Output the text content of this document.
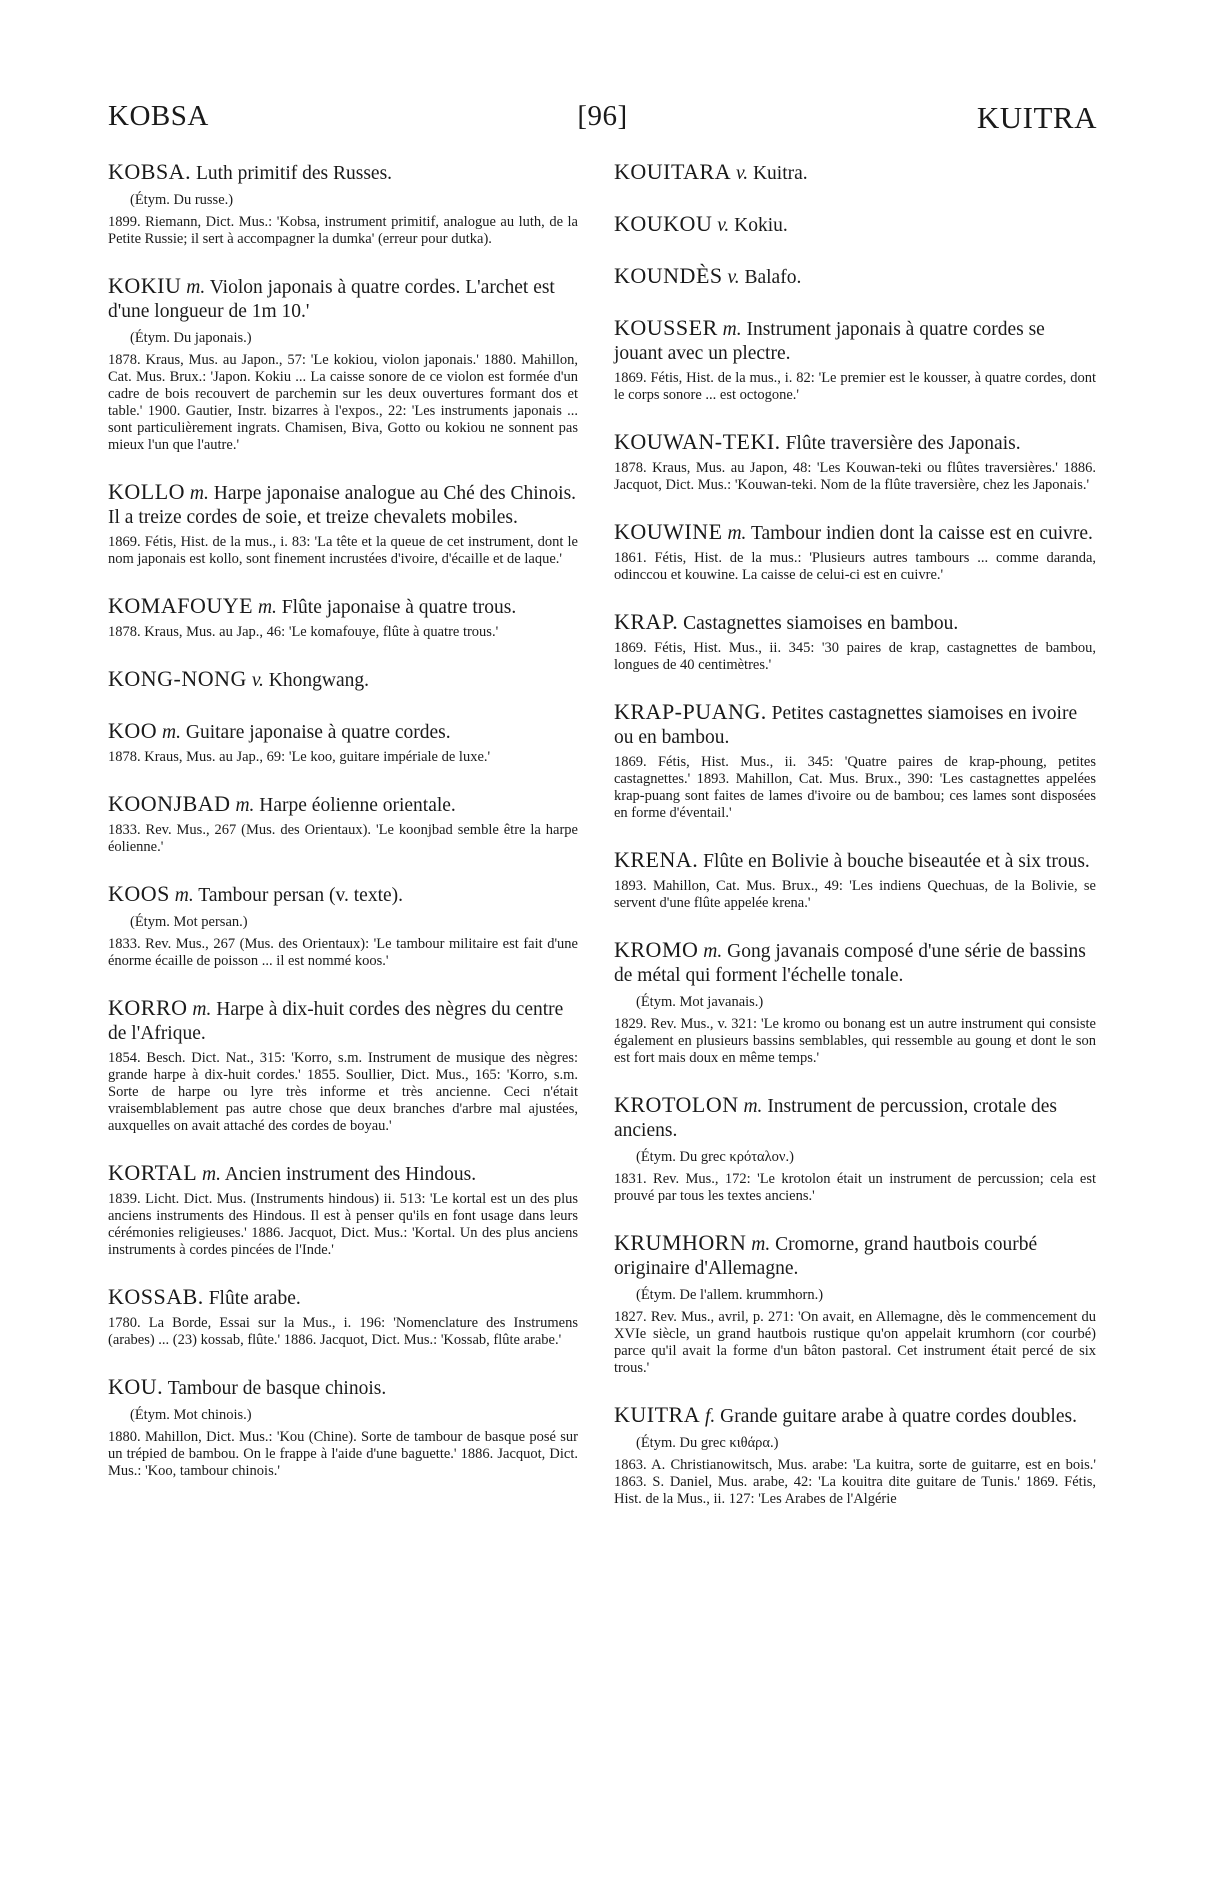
KOBSA	[96]	KUITRA

KOBSA. Luth primitif des Russes.

(Étym. Du russe.)

1899. Riemann, Dict. Mus.: 'Kobsa, instrument primitif, analogue au luth, de la Petite Russie; il sert à accompagner la dumka' (erreur pour dutka).

KOKIU m. Violon japonais à quatre cordes. L'archet est d'une longueur de 1m 10.'

(Étym. Du japonais.)

1878. Kraus, Mus. au Japon., 57: 'Le kokiou, violon japonais.' 1880. Mahillon, Cat. Mus. Brux.: 'Japon. Kokiu ... La caisse sonore de ce violon est formée d'un cadre de bois recouvert de parchemin sur les deux ouvertures formant dos et table.' 1900. Gautier, Instr. bizarres à l'expos., 22: 'Les instruments japonais ... sont particulièrement ingrats. Chamisen, Biva, Gotto ou kokiou ne sonnent pas mieux l'un que l'autre.'

KOLLO m. Harpe japonaise analogue au Ché des Chinois. Il a treize cordes de soie, et treize chevalets mobiles.

1869. Fétis, Hist. de la mus., i. 83: 'La tête et la queue de cet instrument, dont le nom japonais est kollo, sont finement incrustées d'ivoire, d'écaille et de laque.'

KOMAFOUYE m. Flûte japonaise à quatre trous.

1878. Kraus, Mus. au Jap., 46: 'Le komafouye, flûte à quatre trous.'

KONG-NONG v. Khongwang.

KOO m. Guitare japonaise à quatre cordes.

1878. Kraus, Mus. au Jap., 69: 'Le koo, guitare impériale de luxe.'

KOONJBAD m. Harpe éolienne orientale.

1833. Rev. Mus., 267 (Mus. des Orientaux). 'Le koonjbad semble être la harpe éolienne.'

KOOS m. Tambour persan (v. texte).

(Étym. Mot persan.)

1833. Rev. Mus., 267 (Mus. des Orientaux): 'Le tambour militaire est fait d'une énorme écaille de poisson ... il est nommé koos.'

KORRO m. Harpe à dix-huit cordes des nègres du centre de l'Afrique.

1854. Besch. Dict. Nat., 315: 'Korro, s.m. Instrument de musique des nègres: grande harpe à dix-huit cordes.' 1855. Soullier, Dict. Mus., 165: 'Korro, s.m. Sorte de harpe ou lyre très informe et très ancienne. Ceci n'était vraisemblablement pas autre chose que deux branches d'arbre mal ajustées, auxquelles on avait attaché des cordes de boyau.'

KORTAL m. Ancien instrument des Hindous.

1839. Licht. Dict. Mus. (Instruments hindous) ii. 513: 'Le kortal est un des plus anciens instruments des Hindous. Il est à penser qu'ils en font usage dans leurs cérémonies religieuses.' 1886. Jacquot, Dict. Mus.: 'Kortal. Un des plus anciens instruments à cordes pincées de l'Inde.'

KOSSAB. Flûte arabe.

1780. La Borde, Essai sur la Mus., i. 196: 'Nomenclature des Instrumens (arabes) ... (23) kossab, flûte.' 1886. Jacquot, Dict. Mus.: 'Kossab, flûte arabe.'

KOU. Tambour de basque chinois.

(Étym. Mot chinois.)

1880. Mahillon, Dict. Mus.: 'Kou (Chine). Sorte de tambour de basque posé sur un trépied de bambou. On le frappe à l'aide d'une baguette.' 1886. Jacquot, Dict. Mus.: 'Koo, tambour chinois.'

KOUITARA v. Kuitra.

KOUKOU v. Kokiu.

KOUNDÈS v. Balafo.

KOUSSER m. Instrument japonais à quatre cordes se jouant avec un plectre.

1869. Fétis, Hist. de la mus., i. 82: 'Le premier est le kousser, à quatre cordes, dont le corps sonore ... est octogone.'

KOUWAN-TEKI. Flûte traversière des Japonais.

1878. Kraus, Mus. au Japon, 48: 'Les Kouwan-teki ou flûtes traversières.' 1886. Jacquot, Dict. Mus.: 'Kouwan-teki. Nom de la flûte traversière, chez les Japonais.'

KOUWINE m. Tambour indien dont la caisse est en cuivre.

1861. Fétis, Hist. de la mus.: 'Plusieurs autres tambours ... comme daranda, odinccou et kouwine. La caisse de celui-ci est en cuivre.'

KRAP. Castagnettes siamoises en bambou.

1869. Fétis, Hist. Mus., ii. 345: '30 paires de krap, castagnettes de bambou, longues de 40 centimètres.'

KRAP-PUANG. Petites castagnettes siamoises en ivoire ou en bambou.

1869. Fétis, Hist. Mus., ii. 345: 'Quatre paires de krap-phoung, petites castagnettes.' 1893. Mahillon, Cat. Mus. Brux., 390: 'Les castagnettes appelées krap-puang sont faites de lames d'ivoire ou de bambou; ces lames sont disposées en forme d'éventail.'

KRENA. Flûte en Bolivie à bouche biseautée et à six trous.

1893. Mahillon, Cat. Mus. Brux., 49: 'Les indiens Quechuas, de la Bolivie, se servent d'une flûte appelée krena.'

KROMO m. Gong javanais composé d'une série de bassins de métal qui forment l'échelle tonale.

(Étym. Mot javanais.)

1829. Rev. Mus., v. 321: 'Le kromo ou bonang est un autre instrument qui consiste également en plusieurs bassins semblables, qui ressemble au goung et dont le son est fort mais doux en même temps.'

KROTOLON m. Instrument de percussion, crotale des anciens.

(Étym. Du grec κρόταλον.)

1831. Rev. Mus., 172: 'Le krotolon était un instrument de percussion; cela est prouvé par tous les textes anciens.'

KRUMHORN m. Cromorne, grand hautbois courbé originaire d'Allemagne.

(Étym. De l'allem. krummhorn.)

1827. Rev. Mus., avril, p. 271: 'On avait, en Allemagne, dès le commencement du XVIe siècle, un grand hautbois rustique qu'on appelait krumhorn (cor courbé) parce qu'il avait la forme d'un bâton pastoral. Cet instrument était percé de six trous.'

KUITRA f. Grande guitare arabe à quatre cordes doubles.

(Étym. Du grec κιθάρα.)

1863. A. Christianowitsch, Mus. arabe: 'La kuitra, sorte de guitarre, est en bois.' 1863. S. Daniel, Mus. arabe, 42: 'La kouitra dite guitare de Tunis.' 1869. Fétis, Hist. de la Mus., ii. 127: 'Les Arabes de l'Algérie
